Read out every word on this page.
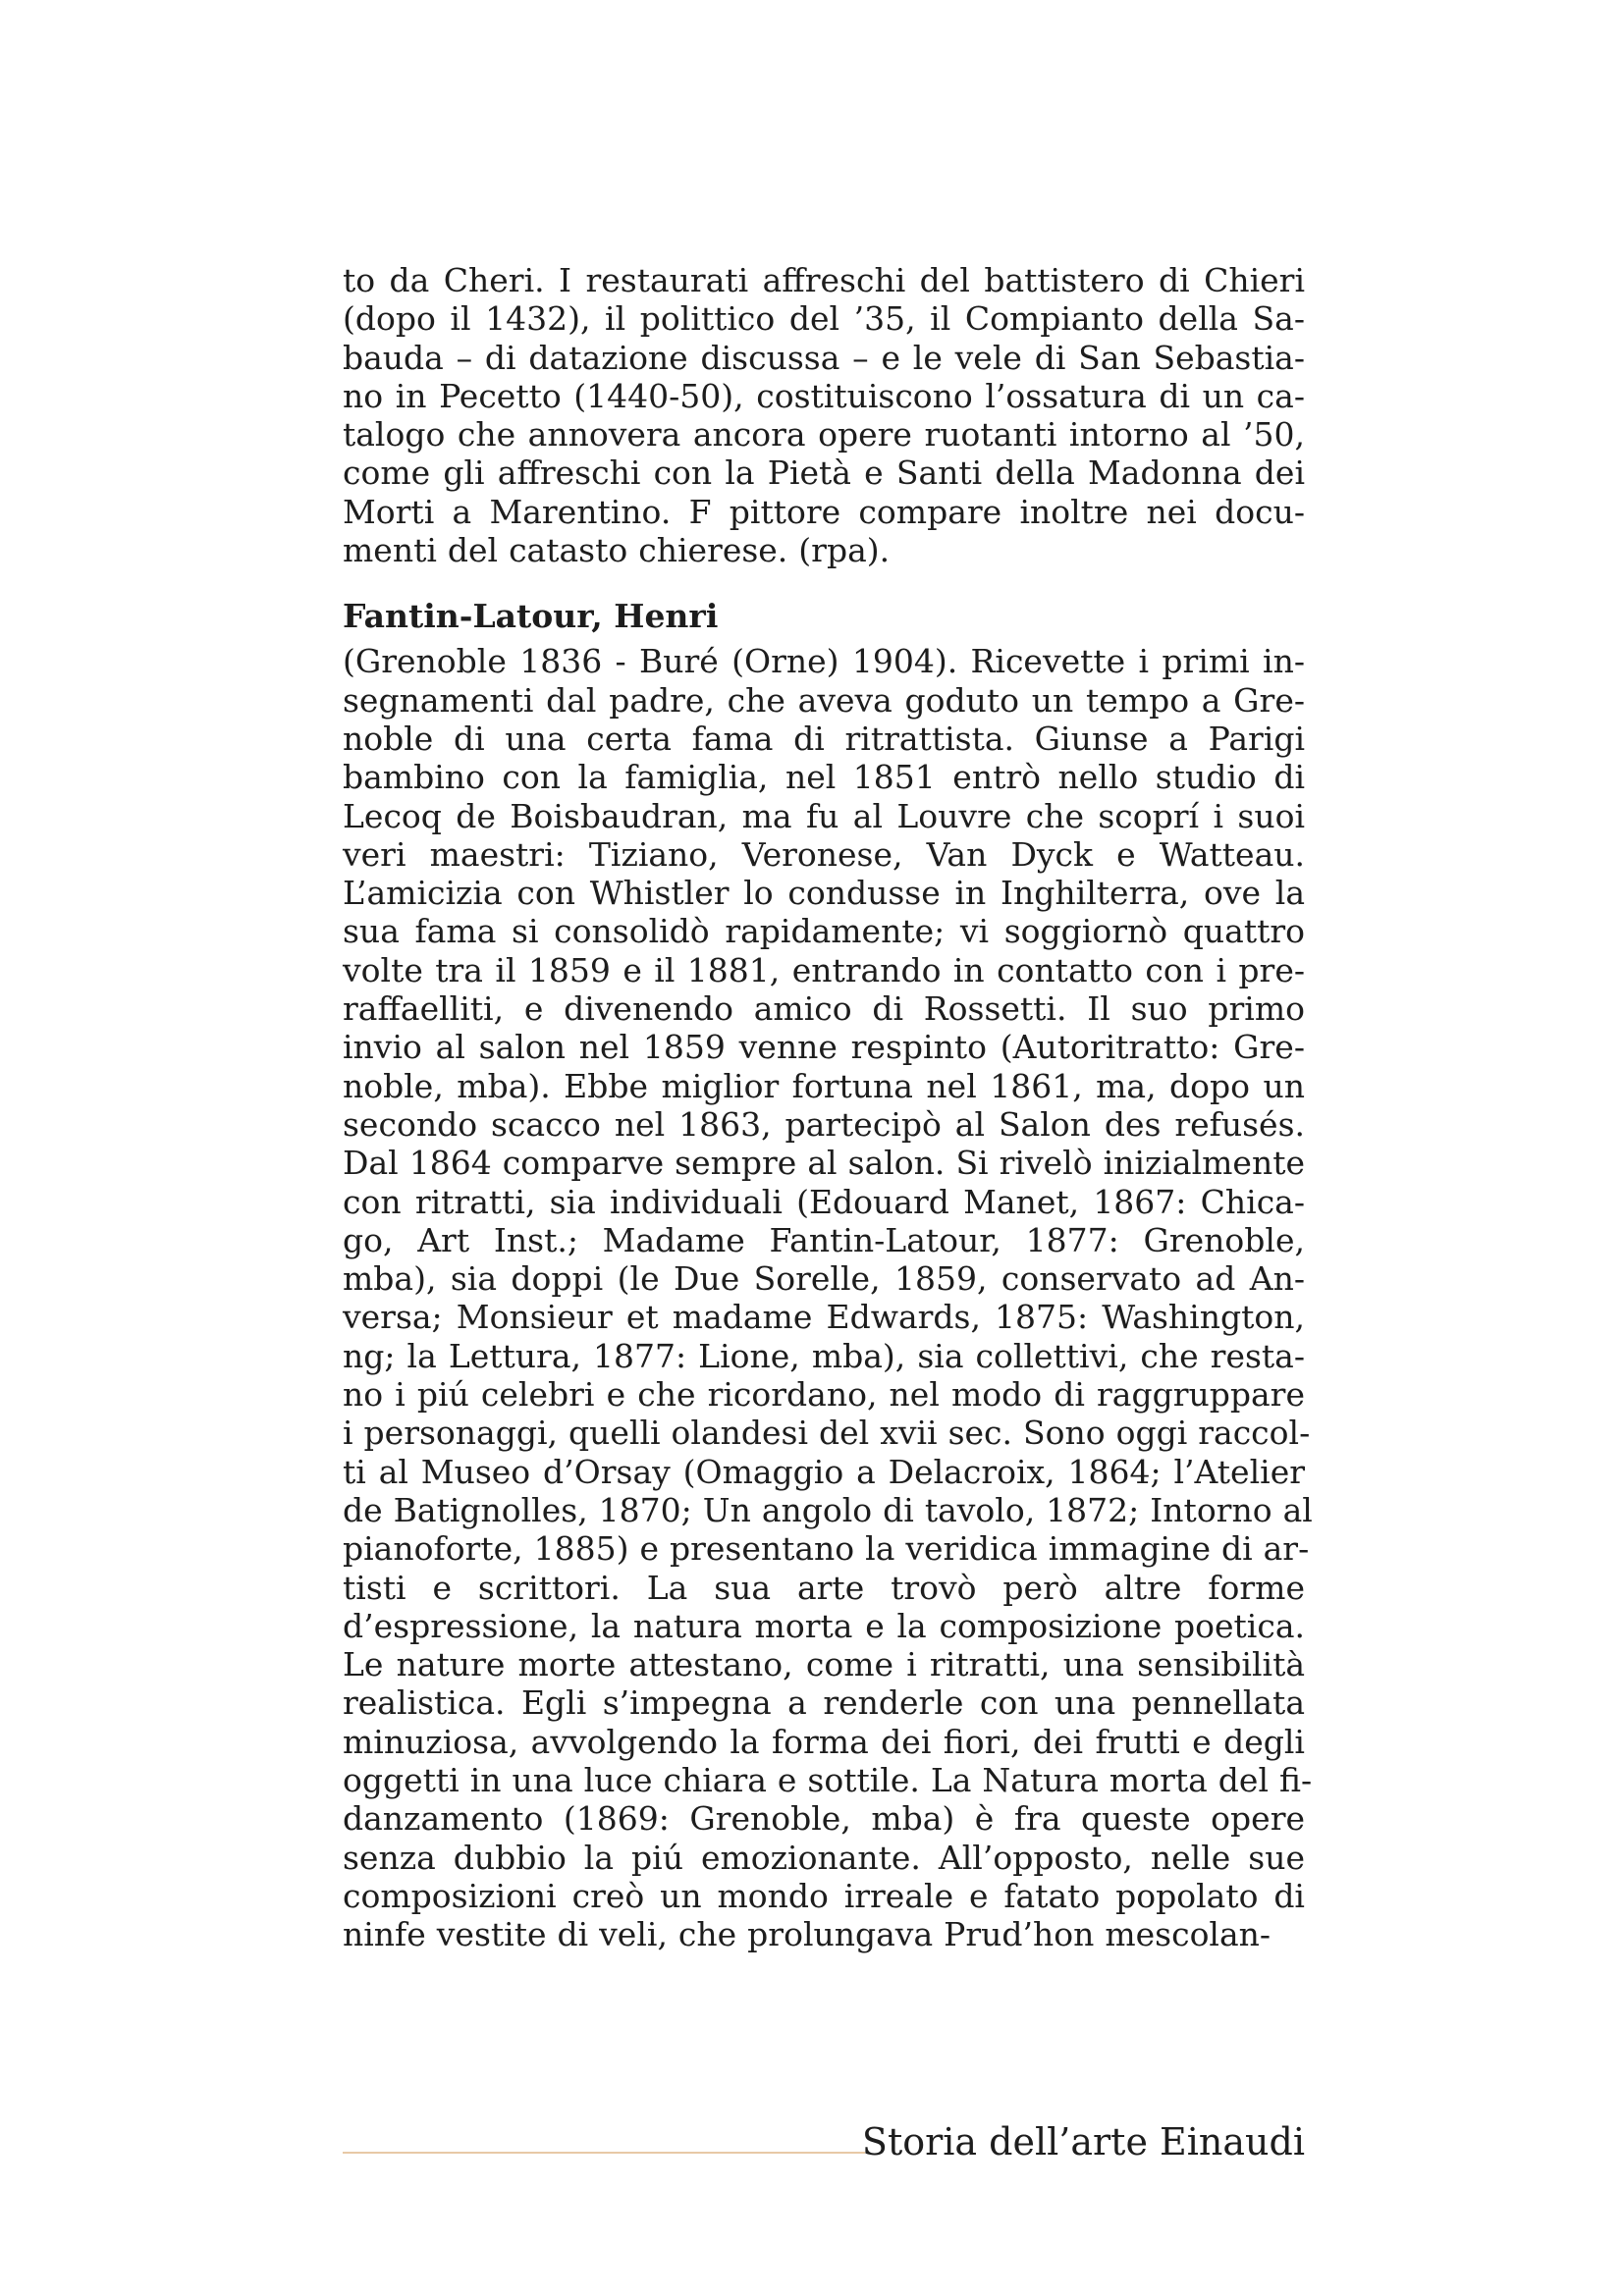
to da Cheri. I restaurati affreschi del battistero di Chieri
(dopo il 1432), il polittico del ’35, il Compianto della Sa-
bauda – di datazione discussa – e le vele di San Sebastia-
no in Pecetto (1440-50), costituiscono l’ossatura di un ca-
talogo che annovera ancora opere ruotanti intorno al ’50,
come gli affreschi con la Pietà e Santi della Madonna dei
Morti a Marentino. F pittore compare inoltre nei docu-
menti del catasto chierese. (rpa).

Fantin-Latour, Henri

(Grenoble 1836 - Buré (Orne) 1904). Ricevette i primi in-
segnamenti dal padre, che aveva goduto un tempo a Gre-
noble di una certa fama di ritrattista. Giunse a Parigi
bambino con la famiglia, nel 1851 entrò nello studio di
Lecoq de Boisbaudran, ma fu al Louvre che scoprí i suoi
veri maestri: Tiziano, Veronese, Van Dyck e Watteau.
L’amicizia con Whistler lo condusse in Inghilterra, ove la
sua fama si consolidò rapidamente; vi soggiornò quattro
volte tra il 1859 e il 1881, entrando in contatto con i pre-
raffaelliti, e divenendo amico di Rossetti. Il suo primo
invio al salon nel 1859 venne respinto (Autoritratto: Gre-
noble, mba). Ebbe miglior fortuna nel 1861, ma, dopo un
secondo scacco nel 1863, partecipò al Salon des refusés.
Dal 1864 comparve sempre al salon. Si rivelò inizialmente
con ritratti, sia individuali (Edouard Manet, 1867: Chica-
go, Art Inst.; Madame Fantin-Latour, 1877: Grenoble,
mba), sia doppi (le Due Sorelle, 1859, conservato ad An-
versa; Monsieur et madame Edwards, 1875: Washington,
ng; la Lettura, 1877: Lione, mba), sia collettivi, che resta-
no i piú celebri e che ricordano, nel modo di raggruppare
i personaggi, quelli olandesi del xvii sec. Sono oggi raccol-
ti al Museo d’Orsay (Omaggio a Delacroix, 1864; l’Atelier
de Batignolles, 1870; Un angolo di tavolo, 1872; Intorno al
pianoforte, 1885) e presentano la veridica immagine di ar-
tisti e scrittori. La sua arte trovò però altre forme
d’espressione, la natura morta e la composizione poetica.
Le nature morte attestano, come i ritratti, una sensibilità
realistica. Egli s’impegna a renderle con una pennellata
minuziosa, avvolgendo la forma dei fiori, dei frutti e degli
oggetti in una luce chiara e sottile. La Natura morta del fi-
danzamento (1869: Grenoble, mba) è fra queste opere
senza dubbio la piú emozionante. All’opposto, nelle sue
composizioni creò un mondo irreale e fatato popolato di
ninfe vestite di veli, che prolungava Prud’hon mescolan-

Storia dell’arte Einaudi
